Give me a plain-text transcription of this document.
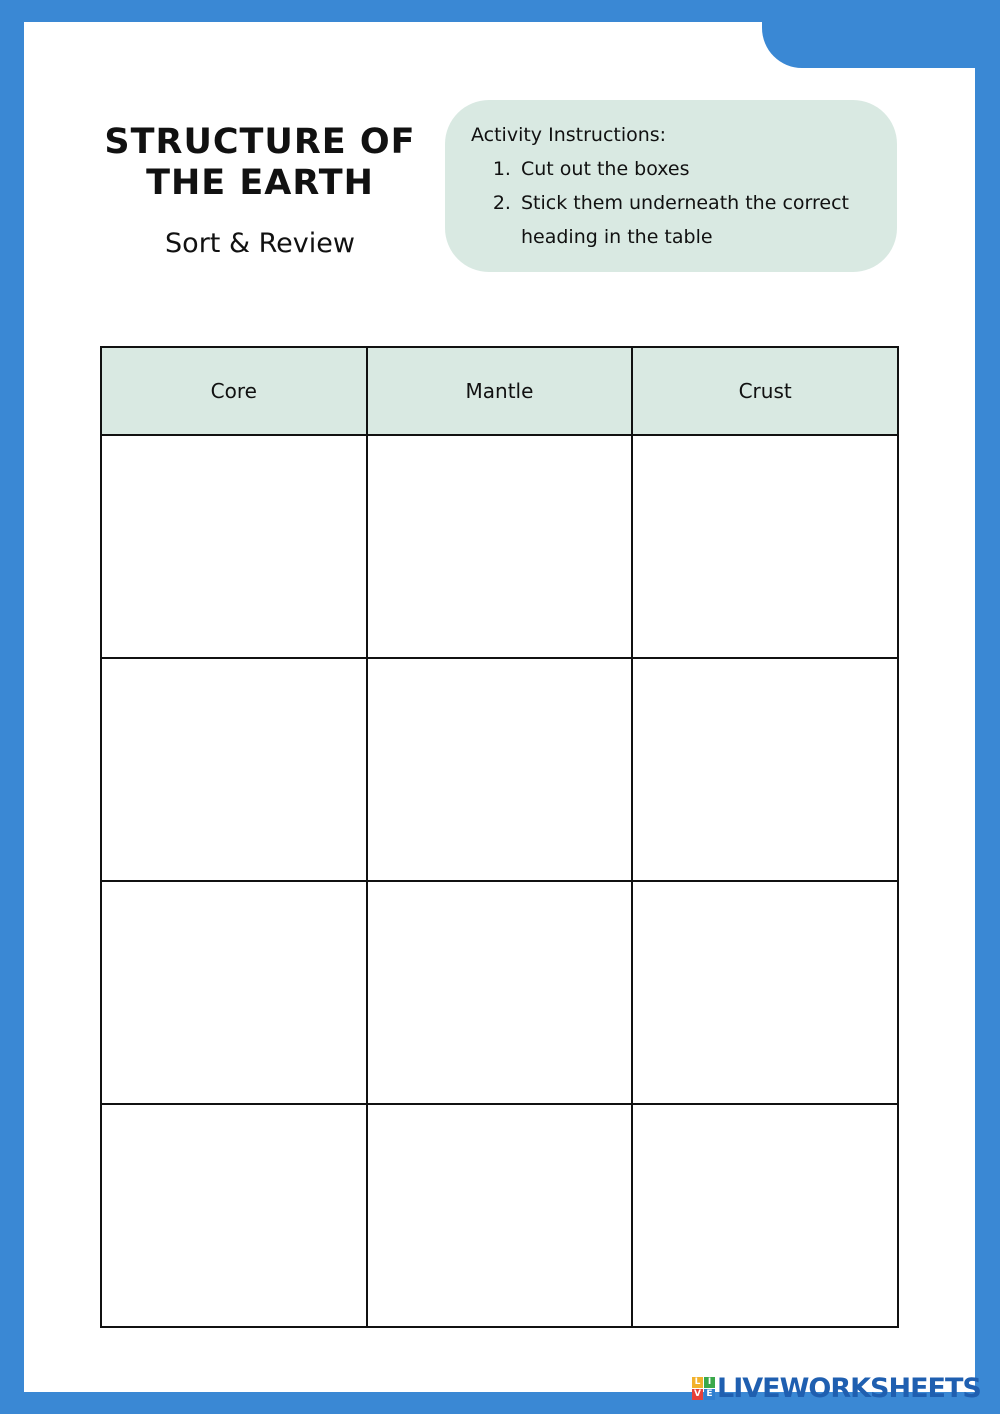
STRUCTURE OF
THE EARTH
Sort & Review
Activity Instructions:
1. Cut out the boxes
2. Stick them underneath the correct heading in the table
Core	Mantle	Crust

L I
V E LIVEWORKSHEETS
